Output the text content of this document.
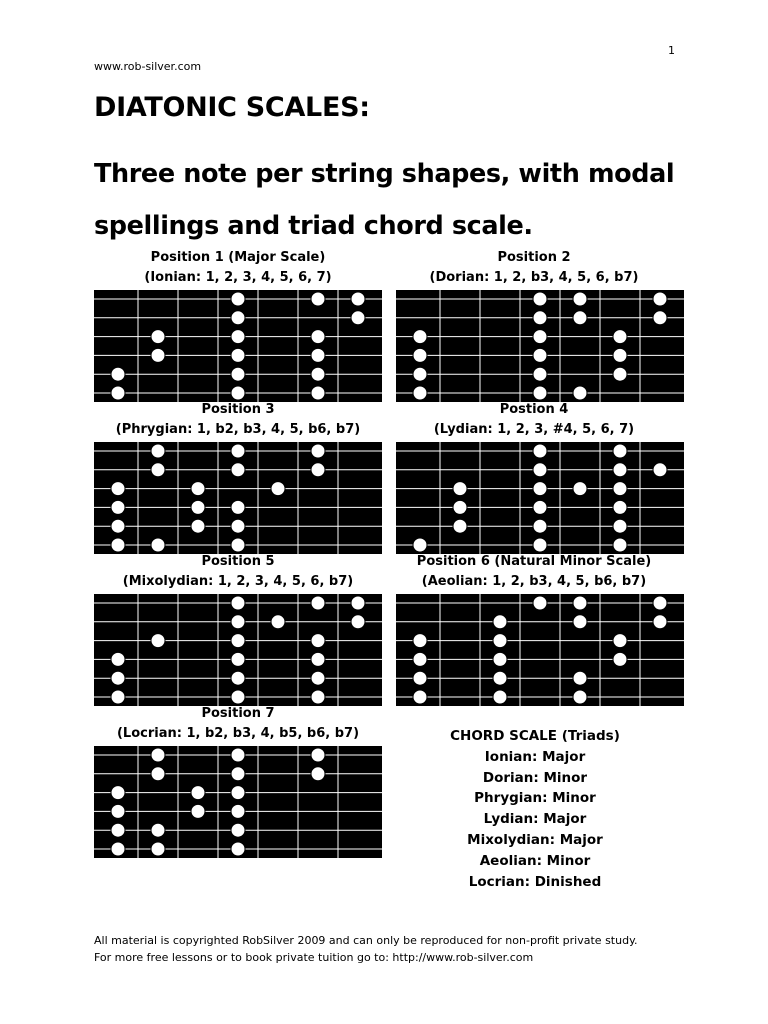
1
www.rob-silver.com
DIATONIC SCALES:
Three note per string shapes, with modal spellings and triad chord scale.
Position 1 (Major Scale)
(Ionian: 1, 2, 3, 4, 5, 6, 7)
Position 2
(Dorian: 1, 2, b3, 4, 5, 6, b7)
Position 3
(Phrygian: 1, b2, b3, 4, 5, b6, b7)
Postion 4
(Lydian: 1, 2, 3, #4, 5, 6, 7)
Position 5
(Mixolydian: 1, 2, 3, 4, 5, 6, b7)
Position 6 (Natural Minor Scale)
(Aeolian: 1, 2, b3, 4, 5, b6, b7)
Position 7
(Locrian: 1, b2, b3, 4, b5, b6, b7)	CHORD SCALE (Triads)
Ionian: Major
Dorian: Minor
Phrygian: Minor
Lydian: Major
Mixolydian: Major
Aeolian: Minor
Locrian: Dinished
All material is copyrighted RobSilver 2009 and can only be reproduced for non-profit private study.
For more free lessons or to book private tuition go to: http://www.rob-silver.com
